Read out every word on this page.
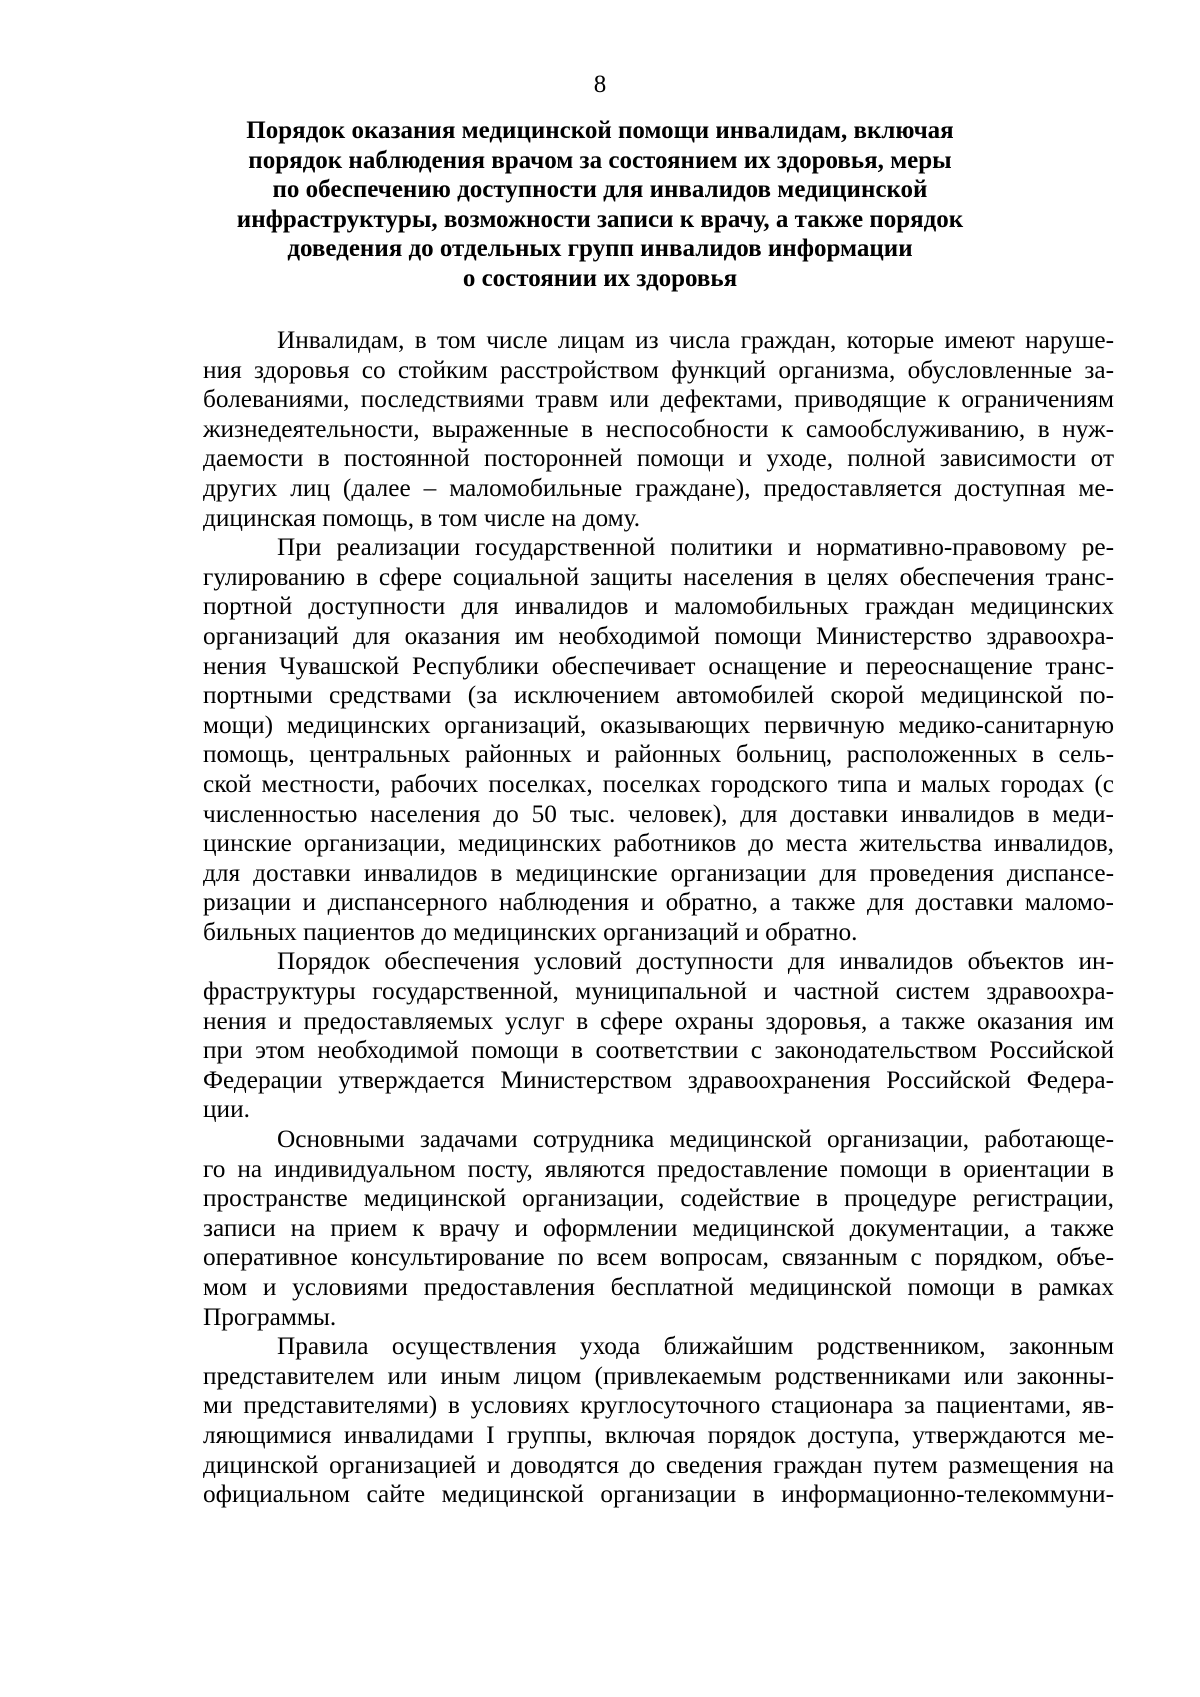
8
Порядок оказания медицинской помощи инвалидам, включая
порядок наблюдения врачом за состоянием их здоровья, меры
по обеспечению доступности для инвалидов медицинской
инфраструктуры, возможности записи к врачу, а также порядок
доведения до отдельных групп инвалидов информации
о состоянии их здоровья
Инвалидам, в том числе лицам из числа граждан, которые имеют наруше-
ния здоровья со стойким расстройством функций организма, обусловленные за-
болеваниями, последствиями травм или дефектами, приводящие к ограничениям
жизнедеятельности, выраженные в неспособности к самообслуживанию, в нуж-
даемости в постоянной посторонней помощи и уходе, полной зависимости от
других лиц (далее – маломобильные граждане), предоставляется доступная ме-
дицинская помощь, в том числе на дому.
При реализации государственной политики и нормативно-правовому ре-
гулированию в сфере социальной защиты населения в целях обеспечения транс-
портной доступности для инвалидов и маломобильных граждан медицинских
организаций для оказания им необходимой помощи Министерство здравоохра-
нения Чувашской Республики обеспечивает оснащение и переоснащение транс-
портными средствами (за исключением автомобилей скорой медицинской по-
мощи) медицинских организаций, оказывающих первичную медико-санитарную
помощь, центральных районных и районных больниц, расположенных в сель-
ской местности, рабочих поселках, поселках городского типа и малых городах (с
численностью населения до 50 тыс. человек), для доставки инвалидов в меди-
цинские организации, медицинских работников до места жительства инвалидов,
для доставки инвалидов в медицинские организации для проведения диспансе-
ризации и диспансерного наблюдения и обратно, а также для доставки маломо-
бильных пациентов до медицинских организаций и обратно.
Порядок обеспечения условий доступности для инвалидов объектов ин-
фраструктуры государственной, муниципальной и частной систем здравоохра-
нения и предоставляемых услуг в сфере охраны здоровья, а также оказания им
при этом необходимой помощи в соответствии с законодательством Российской
Федерации утверждается Министерством здравоохранения Российской Федера-
ции.
Основными задачами сотрудника медицинской организации, работающе-
го на индивидуальном посту, являются предоставление помощи в ориентации в
пространстве медицинской организации, содействие в процедуре регистрации,
записи на прием к врачу и оформлении медицинской документации, а также
оперативное консультирование по всем вопросам, связанным с порядком, объе-
мом и условиями предоставления бесплатной медицинской помощи в рамках
Программы.
Правила осуществления ухода ближайшим родственником, законным
представителем или иным лицом (привлекаемым родственниками или законны-
ми представителями) в условиях круглосуточного стационара за пациентами, яв-
ляющимися инвалидами I группы, включая порядок доступа, утверждаются ме-
дицинской организацией и доводятся до сведения граждан путем размещения на
официальном сайте медицинской организации в информационно-телекоммуни-
